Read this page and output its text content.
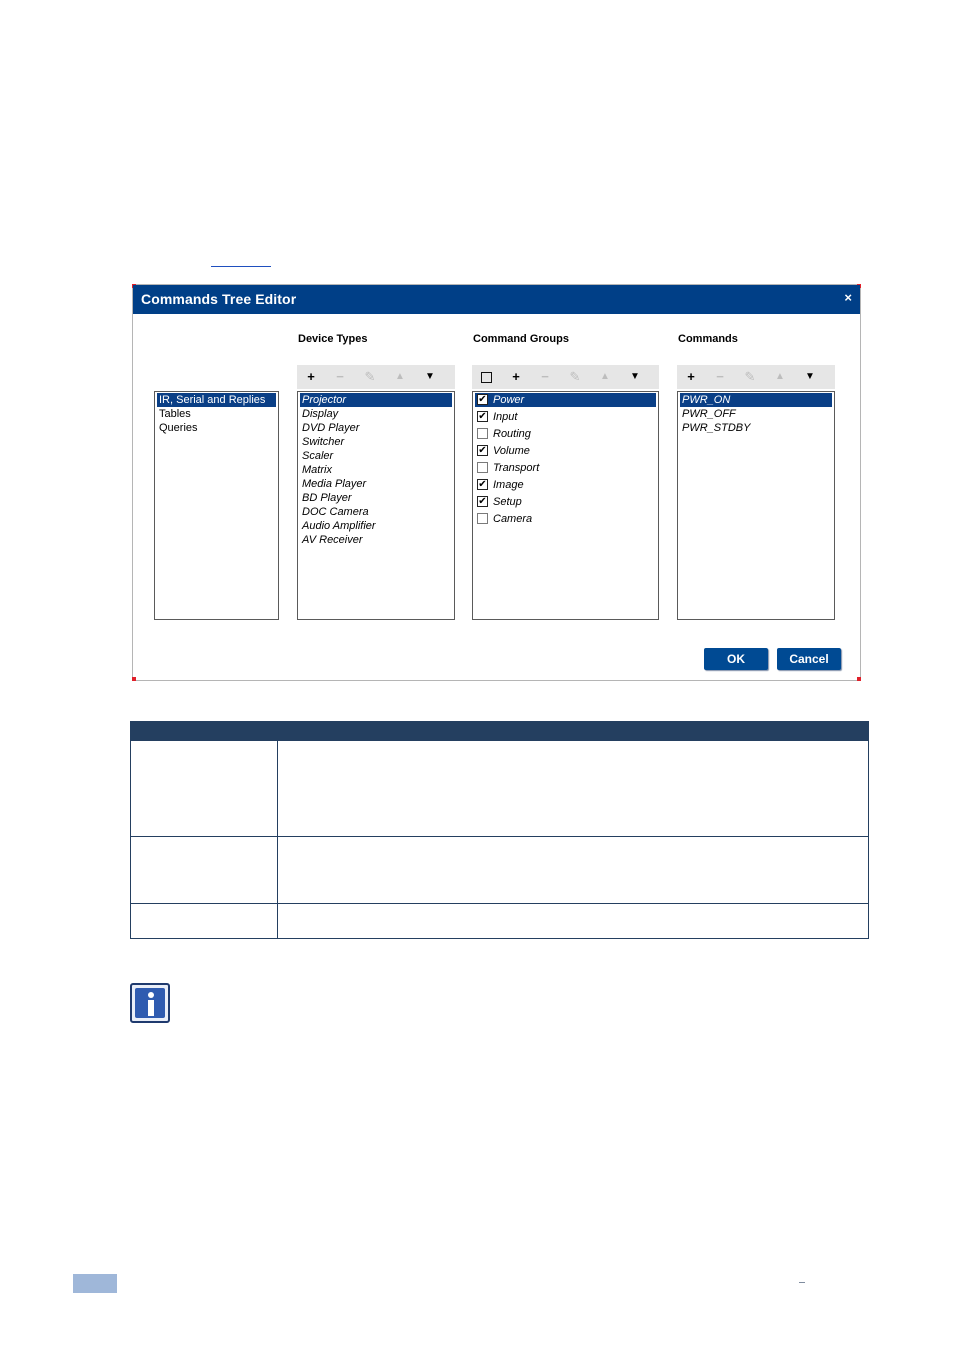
Commands Tree Editor	×
IR, Serial and Replies
Tables
Queries
Device Types
+	−	✎	▲	▼
Projector
Display
DVD Player
Switcher
Scaler
Matrix
Media Player
BD Player
DOC Camera
Audio Amplifier
AV Receiver
Command Groups
+	−	✎	▲	▼
✔ Power
✔ Input
Routing
✔ Volume
Transport
✔ Image
✔ Setup
Camera
Commands
+	−	✎	▲	▼
PWR_ON
PWR_OFF
PWR_STDBY
OK	Cancel
